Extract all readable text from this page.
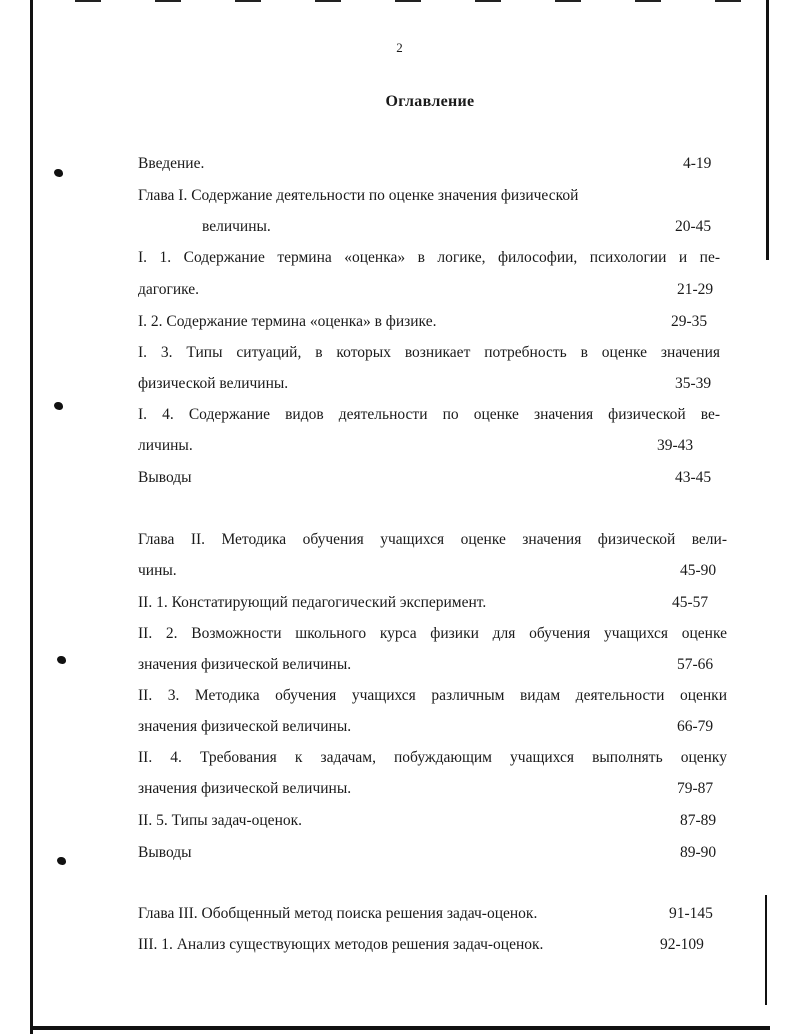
2
Оглавление
Введение.	4-19
Глава I. Содержание деятельности по оценке значения физической
величины.	20-45
I. 1. Содержание термина «оценка» в логике, философии, психологии и пе-
дагогике.	21-29
I. 2. Содержание термина «оценка» в физике.	29-35
I. 3. Типы ситуаций, в которых возникает потребность в оценке значения
физической величины.	35-39
I. 4. Содержание видов деятельности по оценке значения физической ве-
личины.	39-43
Выводы	43-45
Глава II. Методика обучения учащихся оценке значения физической вели-
чины.	45-90
II. 1. Констатирующий педагогический эксперимент.	45-57
II. 2. Возможности школьного курса физики для обучения учащихся оценке
значения физической величины.	57-66
II. 3. Методика обучения учащихся различным видам деятельности оценки
значения физической величины.	66-79
II. 4. Требования к задачам, побуждающим учащихся выполнять оценку
значения физической величины.	79-87
II. 5. Типы задач-оценок.	87-89
Выводы	89-90
Глава III. Обобщенный метод поиска решения задач-оценок.	91-145
III. 1. Анализ существующих методов решения задач-оценок.	92-109
